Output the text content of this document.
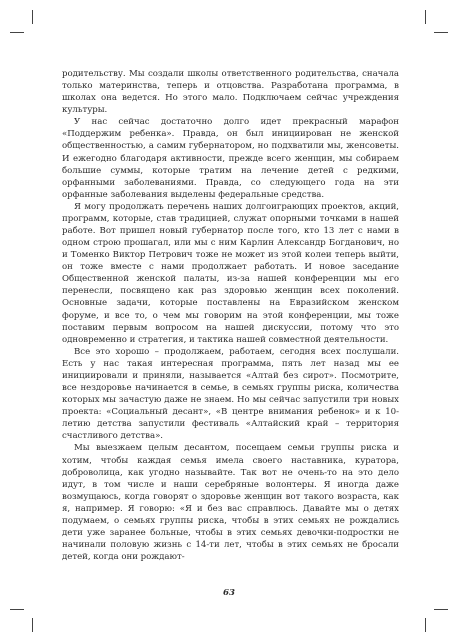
родительству. Мы создали школы ответственного родительства, сначала только материнства, теперь и отцовства. Разработана программа, в школах она ведется. Но этого мало. Подключаем сейчас учреждения культуры.

У нас сейчас достаточно долго идет прекрасный марафон «Поддержим ребенка». Правда, он был инициирован не женской общественностью, а самим губернатором, но подхватили мы, женсоветы. И ежегодно благодаря активности, прежде всего женщин, мы собираем большие суммы, которые тратим на лечение детей с редкими, орфанными заболеваниями. Правда, со следующего года на эти орфанные заболевания выделены федеральные средства.

Я могу продолжать перечень наших долгоиграющих проектов, акций, программ, которые, став традицией, служат опорными точками в нашей работе. Вот пришел новый губернатор после того, кто 13 лет с нами в одном строю прошагал, или мы с ним Карлин Александр Богданович, но и Томенко Виктор Петрович тоже не может из этой колеи теперь выйти, он тоже вместе с нами продолжает работать. И новое заседание Общественной женской палаты, из-за нашей конференции мы его перенесли, посвящено как раз здоровью женщин всех поколений. Основные задачи, которые поставлены на Евразийском женском форуме, и все то, о чем мы говорим на этой конференции, мы тоже поставим первым вопросом на нашей дискуссии, потому что это одновременно и стратегия, и тактика нашей совместной деятельности.

Все это хорошо – продолжаем, работаем, сегодня всех послушали. Есть у нас такая интересная программа, пять лет назад мы ее инициировали и приняли, называется «Алтай без сирот». Посмотрите, все нездоровье начинается в семье, в семьях группы риска, количества которых мы зачастую даже не знаем. Но мы сейчас запустили три новых проекта: «Социальный десант», «В центре внимания ребенок» и к 10-летию детства запустили фестиваль «Алтайский край – территория счастливого детства».

Мы выезжаем целым десантом, посещаем семьи группы риска и хотим, чтобы каждая семья имела своего наставника, куратора, доброволица, как угодно называйте. Так вот не очень-то на это дело идут, в том числе и наши серебряные волонтеры. Я иногда даже возмущаюсь, когда говорят о здоровье женщин вот такого возраста, как я, например. Я говорю: «Я и без вас справлюсь. Давайте мы о детях подумаем, о семьях группы риска, чтобы в этих семьях не рождались дети уже заранее больные, чтобы в этих семьях девочки-подростки не начинали половую жизнь с 14-ти лет, чтобы в этих семьях не бросали детей, когда они рождают-

63
